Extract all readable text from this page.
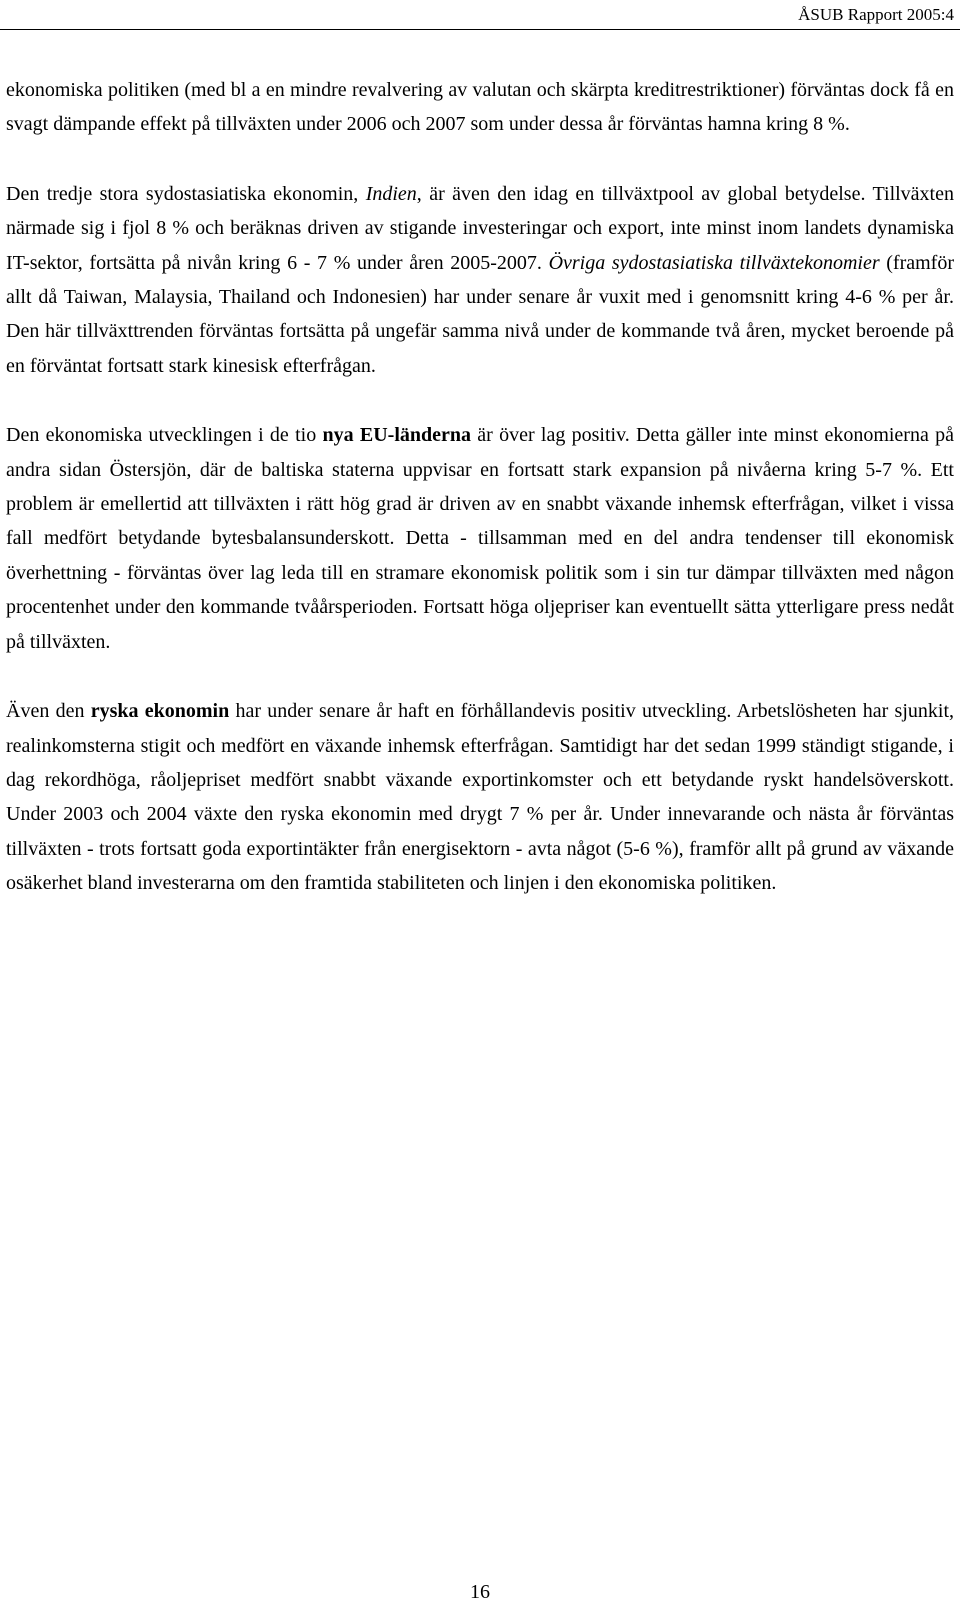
ÅSUB Rapport 2005:4

ekonomiska politiken (med bl a en mindre revalvering av valutan och skärpta kreditrestriktioner) förväntas dock få en svagt dämpande effekt på tillväxten under 2006 och 2007 som under dessa år förväntas hamna kring 8 %.

Den tredje stora sydostasiatiska ekonomin, Indien, är även den idag en tillväxtpool av global betydelse. Tillväxten närmade sig i fjol 8 % och beräknas driven av stigande investeringar och export, inte minst inom landets dynamiska IT-sektor, fortsätta på nivån kring 6 - 7 % under åren 2005-2007. Övriga sydostasiatiska tillväxtekonomier (framför allt då Taiwan, Malaysia, Thailand och Indonesien) har under senare år vuxit med i genomsnitt kring 4-6 % per år. Den här tillväxttrenden förväntas fortsätta på ungefär samma nivå under de kommande två åren, mycket beroende på en förväntat fortsatt stark kinesisk efterfrågan.

Den ekonomiska utvecklingen i de tio nya EU-länderna är över lag positiv. Detta gäller inte minst ekonomierna på andra sidan Östersjön, där de baltiska staterna uppvisar en fortsatt stark expansion på nivåerna kring 5-7 %. Ett problem är emellertid att tillväxten i rätt hög grad är driven av en snabbt växande inhemsk efterfrågan, vilket i vissa fall medfört betydande bytesbalansunderskott. Detta - tillsamman med en del andra tendenser till ekonomisk överhettning - förväntas över lag leda till en stramare ekonomisk politik som i sin tur dämpar tillväxten med någon procentenhet under den kommande tvåårsperioden. Fortsatt höga oljepriser kan eventuellt sätta ytterligare press nedåt på tillväxten.

Även den ryska ekonomin har under senare år haft en förhållandevis positiv utveckling. Arbetslösheten har sjunkit, realinkomsterna stigit och medfört en växande inhemsk efterfrågan. Samtidigt har det sedan 1999 ständigt stigande, i dag rekordhöga, råoljepriset medfört snabbt växande exportinkomster och ett betydande ryskt handelsöverskott. Under 2003 och 2004 växte den ryska ekonomin med drygt 7 % per år. Under innevarande och nästa år förväntas tillväxten - trots fortsatt goda exportintäkter från energisektorn - avta något (5-6 %), framför allt på grund av växande osäkerhet bland investerarna om den framtida stabiliteten och linjen i den ekonomiska politiken.

16
